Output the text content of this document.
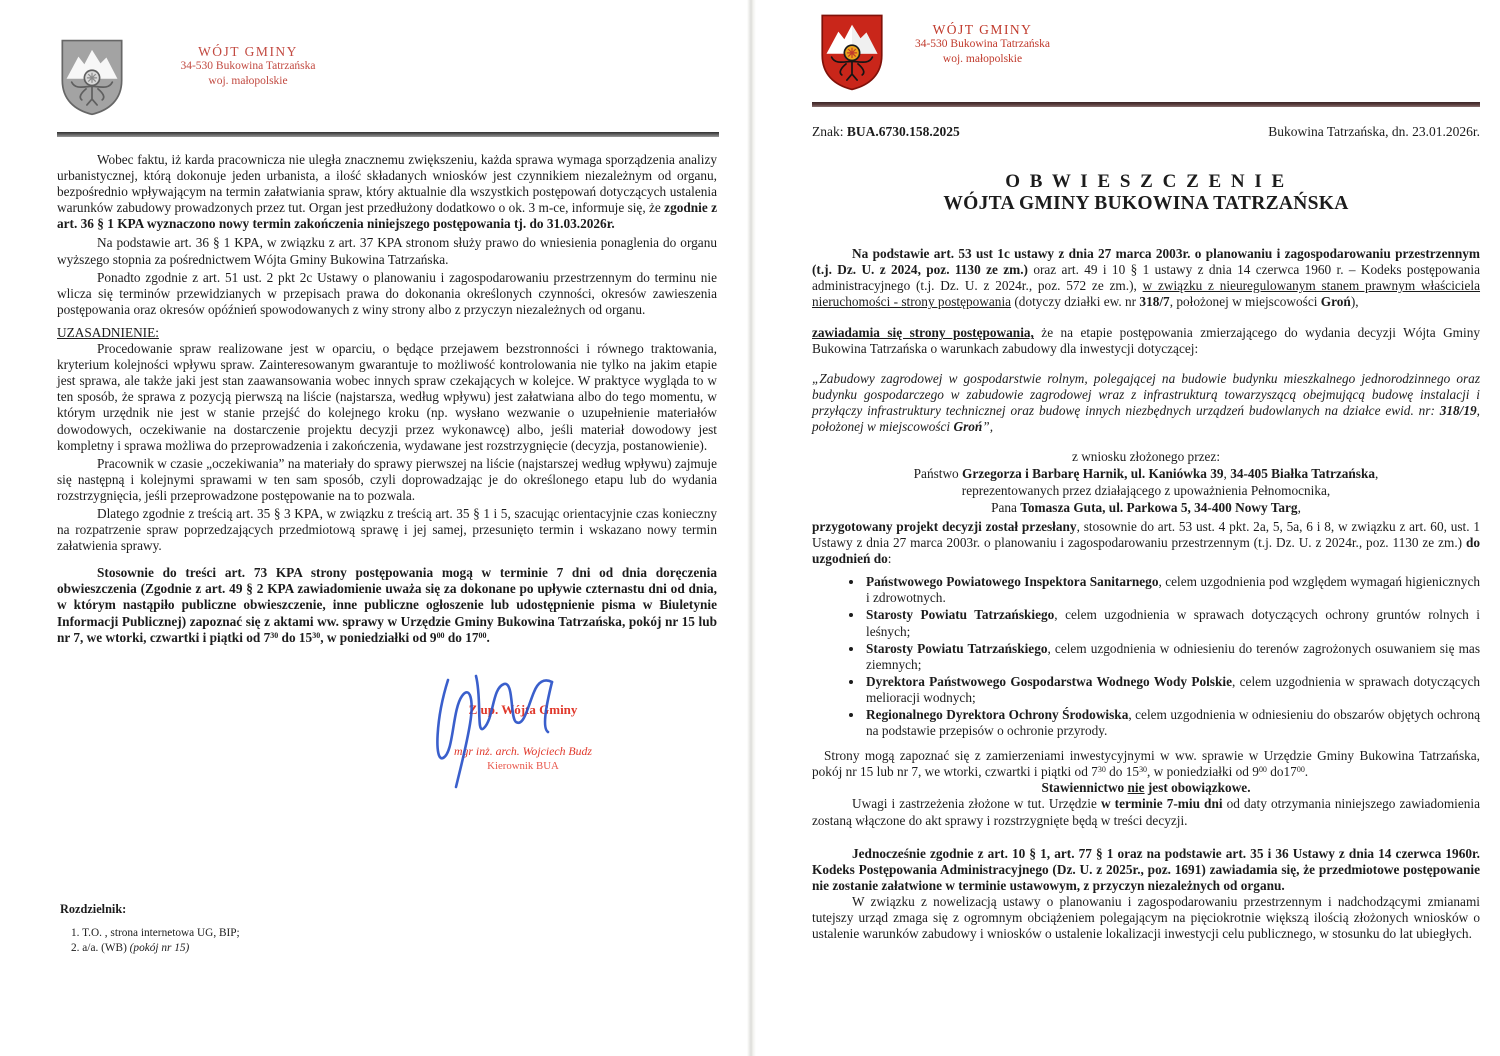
WÓJT GMINY
34-530 Bukowina Tatrzańska
woj. małopolskie

Wobec faktu, iż karda pracownicza nie uległa znacznemu zwiększeniu, każda sprawa wymaga sporządzenia analizy urbanistycznej, którą dokonuje jeden urbanista, a ilość składanych wniosków jest czynnikiem niezależnym od organu, bezpośrednio wpływającym na termin załatwiania spraw, który aktualnie dla wszystkich postępowań dotyczących ustalenia warunków zabudowy prowadzonych przez tut. Organ jest przedłużony dodatkowo o ok. 3 m-ce, informuje się, że zgodnie z art. 36 § 1 KPA wyznaczono nowy termin zakończenia niniejszego postępowania tj. do 31.03.2026r.

Na podstawie art. 36 § 1 KPA, w związku z art. 37 KPA stronom służy prawo do wniesienia ponaglenia do organu wyższego stopnia za pośrednictwem Wójta Gminy Bukowina Tatrzańska.

Ponadto zgodnie z art. 51 ust. 2 pkt 2c Ustawy o planowaniu i zagospodarowaniu przestrzennym do terminu nie wlicza się terminów przewidzianych w przepisach prawa do dokonania określonych czynności, okresów zawieszenia postępowania oraz okresów opóźnień spowodowanych z winy strony albo z przyczyn niezależnych od organu.

UZASADNIENIE:

Procedowanie spraw realizowane jest w oparciu, o będące przejawem bezstronności i równego traktowania, kryterium kolejności wpływu spraw. Zainteresowanym gwarantuje to możliwość kontrolowania nie tylko na jakim etapie jest sprawa, ale także jaki jest stan zaawansowania wobec innych spraw czekających w kolejce. W praktyce wygląda to w ten sposób, że sprawa z pozycją pierwszą na liście (najstarsza, według wpływu) jest załatwiana albo do tego momentu, w którym urzędnik nie jest w stanie przejść do kolejnego kroku (np. wysłano wezwanie o uzupełnienie materiałów dowodowych, oczekiwanie na dostarczenie projektu decyzji przez wykonawcę) albo, jeśli materiał dowodowy jest kompletny i sprawa możliwa do przeprowadzenia i zakończenia, wydawane jest rozstrzygnięcie (decyzja, postanowienie).

Pracownik w czasie „oczekiwania” na materiały do sprawy pierwszej na liście (najstarszej według wpływu) zajmuje się następną i kolejnymi sprawami w ten sam sposób, czyli doprowadzając je do określonego etapu lub do wydania rozstrzygnięcia, jeśli przeprowadzone postępowanie na to pozwala.

Dlatego zgodnie z treścią art. 35 § 3 KPA, w związku z treścią art. 35 § 1 i 5, szacując orientacyjnie czas konieczny na rozpatrzenie spraw poprzedzających przedmiotową sprawę i jej samej, przesunięto termin i wskazano nowy termin załatwienia sprawy.

Stosownie do treści art. 73 KPA strony postępowania mogą w terminie 7 dni od dnia doręczenia obwieszczenia (Zgodnie z art. 49 § 2 KPA zawiadomienie uważa się za dokonane po upływie czternastu dni od dnia, w którym nastąpiło publiczne obwieszczenie, inne publiczne ogłoszenie lub udostępnienie pisma w Biuletynie Informacji Publicznej) zapoznać się z aktami ww. sprawy w Urzędzie Gminy Bukowina Tatrzańska, pokój nr 15 lub nr 7, we wtorki, czwartki i piątki od $7^{30}$ do $15^{30}$, w poniedziałki od $9^{00}$ do $17^{00}$.

Z up. Wójta Gminy
mgr inż. arch. Wojciech Budz
Kierownik BUA
Rozdzielnik:
1. T.O. , strona internetowa UG, BIP;
2. a/a. (WB) (pokój nr 15)
WÓJT GMINY
34-530 Bukowina Tatrzańska
woj. małopolskie
Znak: BUA.6730.158.2025	Bukowina Tatrzańska, dn. 23.01.2026r.
O B W I E S Z C Z E N I E
WÓJTA GMINY BUKOWINA TATRZAŃSKA

Na podstawie art. 53 ust 1c ustawy z dnia 27 marca 2003r. o planowaniu i zagospodarowaniu przestrzennym (t.j. Dz. U. z 2024, poz. 1130 ze zm.) oraz art. 49 i 10 § 1 ustawy z dnia 14 czerwca 1960 r. – Kodeks postępowania administracyjnego (t.j. Dz. U. z 2024r., poz. 572 ze zm.), w związku z nieuregulowanym stanem prawnym właściciela nieruchomości - strony postępowania (dotyczy działki ew. nr 318/7, położonej w miejscowości Groń),

zawiadamia się strony postępowania, że na etapie postępowania zmierzającego do wydania decyzji Wójta Gminy Bukowina Tatrzańska o warunkach zabudowy dla inwestycji dotyczącej:

„Zabudowy zagrodowej w gospodarstwie rolnym, polegającej na budowie budynku mieszkalnego jednorodzinnego oraz budynku gospodarczego w zabudowie zagrodowej wraz z infrastrukturą towarzyszącą obejmującą budowę instalacji i przyłączy infrastruktury technicznej oraz budowę innych niezbędnych urządzeń budowlanych na działce ewid. nr: 318/19, położonej w miejscowości Groń”,

z wniosku złożonego przez:
Państwo Grzegorza i Barbarę Harnik, ul. Kaniówka 39, 34-405 Białka Tatrzańska,
reprezentowanych przez działającego z upoważnienia Pełnomocnika,
Pana Tomasza Guta, ul. Parkowa 5, 34-400 Nowy Targ,

przygotowany projekt decyzji został przesłany, stosownie do art. 53 ust. 4 pkt. 2a, 5, 5a, 6 i 8, w związku z art. 60, ust. 1 Ustawy z dnia 27 marca 2003r. o planowaniu i zagospodarowaniu przestrzennym (t.j. Dz. U. z 2024r., poz. 1130 ze zm.) do uzgodnień do:

• Państwowego Powiatowego Inspektora Sanitarnego, celem uzgodnienia pod względem wymagań higienicznych i zdrowotnych.
• Starosty Powiatu Tatrzańskiego, celem uzgodnienia w sprawach dotyczących ochrony gruntów rolnych i leśnych;
• Starosty Powiatu Tatrzańskiego, celem uzgodnienia w odniesieniu do terenów zagrożonych osuwaniem się mas ziemnych;
• Dyrektora Państwowego Gospodarstwa Wodnego Wody Polskie, celem uzgodnienia w sprawach dotyczących melioracji wodnych;
• Regionalnego Dyrektora Ochrony Środowiska, celem uzgodnienia w odniesieniu do obszarów objętych ochroną na podstawie przepisów o ochronie przyrody.

Strony mogą zapoznać się z zamierzeniami inwestycyjnymi w ww. sprawie w Urzędzie Gminy Bukowina Tatrzańska, pokój nr 15 lub nr 7, we wtorki, czwartki i piątki od $7^{30}$ do $15^{30}$, w poniedziałki od $9^{00}$ $do17^{00}$.

Stawiennictwo nie jest obowiązkowe.

Uwagi i zastrzeżenia złożone w tut. Urzędzie w terminie 7-miu dni od daty otrzymania niniejszego zawiadomienia zostaną włączone do akt sprawy i rozstrzygnięte będą w treści decyzji.

Jednocześnie zgodnie z art. 10 § 1, art. 77 § 1 oraz na podstawie art. 35 i 36 Ustawy z dnia 14 czerwca 1960r. Kodeks Postępowania Administracyjnego (Dz. U. z 2025r., poz. 1691) zawiadamia się, że przedmiotowe postępowanie nie zostanie załatwione w terminie ustawowym, z przyczyn niezależnych od organu.

W związku z nowelizacją ustawy o planowaniu i zagospodarowaniu przestrzennym i nadchodzącymi zmianami tutejszy urząd zmaga się z ogromnym obciążeniem polegającym na pięciokrotnie większą ilością złożonych wniosków o ustalenie warunków zabudowy i wniosków o ustalenie lokalizacji inwestycji celu publicznego, w stosunku do lat ubiegłych.
